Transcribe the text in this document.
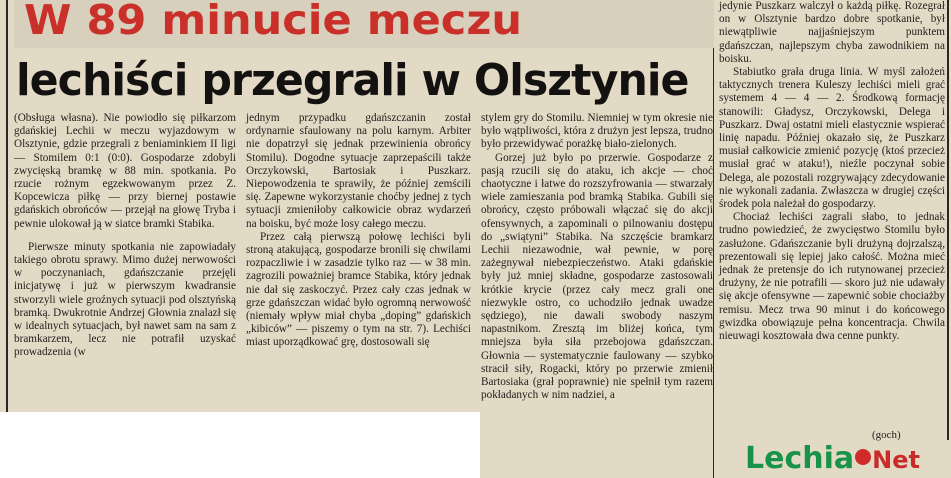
W 89 minucie meczu
lechiści przegrali w Olsztynie

(Obsługa własna). Nie powiodło się piłkarzom gdańskiej Lechii w meczu wyjazdowym w Olsztynie, gdzie przegrali z beniaminkiem II ligi — Stomilem 0:1 (0:0). Gospodarze zdobyli zwycięską bramkę w 88 min. spotkania. Po rzucie rożnym egzekwowanym przez Z. Kopcewicza piłkę — przy biernej postawie gdańskich obrońców — przejął na głowę Tryba i pewnie ulokował ją w siatce bramki Stabika.

Pierwsze minuty spotkania nie zapowiadały takiego obrotu sprawy. Mimo dużej nerwowości w poczynaniach, gdańszczanie przejęli inicjatywę i już w pierwszym kwadransie stworzyli wiele groźnych sytuacji pod olsztyńską bramką. Dwukrotnie Andrzej Głownia znalazł się w idealnych sytuacjach, był nawet sam na sam z bramkarzem, lecz nie potrafił uzyskać prowadzenia (w

jednym przypadku gdańszczanin został ordynarnie sfaulowany na polu karnym. Arbiter nie dopatrzył się jednak przewinienia obrońcy Stomilu). Dogodne sytuacje zaprzepaścili także Orczykowski, Bartosiak i Puszkarz. Niepowodzenia te sprawiły, że później zemścili się. Zapewne wykorzystanie choćby jednej z tych sytuacji zmieniłoby całkowicie obraz wydarzeń na boisku, być może losy całego meczu.

Przez całą pierwszą połowę lechiści byli stroną atakującą, gospodarze bronili się chwilami rozpaczliwie i w zasadzie tylko raz — w 38 min. zagrozili poważniej bramce Stabika, który jednak nie dał się zaskoczyć. Przez cały czas jednak w grze gdańszczan widać było ogromną nerwowość (niemały wpływ miał chyba „doping” gdańskich „kibiców” — piszemy o tym na str. 7). Lechiści miast uporządkować grę, dostosowali się

stylem gry do Stomilu. Niemniej w tym okresie nie było wątpliwości, która z drużyn jest lepsza, trudno było przewidywać porażkę biało-zielonych.

Gorzej już było po przerwie. Gospodarze z pasją rzucili się do ataku, ich akcje — choć chaotyczne i łatwe do rozszyfrowania — stwarzały wiele zamieszania pod bramką Stabika. Gubili się obrońcy, często próbowali włączać się do akcji ofensywnych, a zapominali o pilnowaniu dostępu do „swiątyni” Stabika. Na szczęście bramkarz Lechii niezawodnie, wał pewnie, w porę zażegnywał niebezpieczeństwo. Ataki gdańskie były już mniej składne, gospodarze zastosowali krótkie krycie (przez cały mecz grali one niezwykle ostro, co uchodziło jednak uwadze sędziego), nie dawali swobody naszym napastnikom. Zresztą im bliżej końca, tym mniejsza była siła przebojowa gdańszczan. Głownia — systematycznie faulowany — szybko stracił siły, Rogacki, który po przerwie zmienił Bartosiaka (grał poprawnie) nie spełnił tym razem pokładanych w nim nadziei, a

jedynie Puszkarz walczył o każdą piłkę. Rozegrał on w Olsztynie bardzo dobre spotkanie, był niewątpliwie najjaśniejszym punktem gdańszczan, najlepszym chyba zawodnikiem na boisku.

Stabiutko grała druga linia. W myśl założeń taktycznych trenera Kuleszy lechiści mieli grać systemem 4 — 4 — 2. Środkową formację stanowili: Gładysz, Orczykowski, Delega i Puszkarz. Dwaj ostatni mieli elastycznie wspierać linię napadu. Później okazało się, że Puszkarz musiał całkowicie zmienić pozycję (ktoś przecież musiał grać w ataku!), nieźle poczynał sobie Delega, ale pozostali rozgrywający zdecydowanie nie wykonali zadania. Zwłaszcza w drugiej części środek pola należał do gospodarzy.

Chociaż lechiści zagrali słabo, to jednak trudno powiedzieć, że zwycięstwo Stomilu było zasłużone. Gdańszczanie byli drużyną dojrzalszą, prezentowali się lepiej jako całość. Można mieć jednak że pretensje do ich rutynowanej przecież drużyny, że nie potrafili — skoro już nie udawały się akcje ofensywne — zapewnić sobie chociażby remisu. Mecz trwa 90 minut i do końcowego gwizdka obowiązuje pełna koncentracja. Chwila nieuwagi kosztowała dwa cenne punkty.

(goch)
Lechia Net
